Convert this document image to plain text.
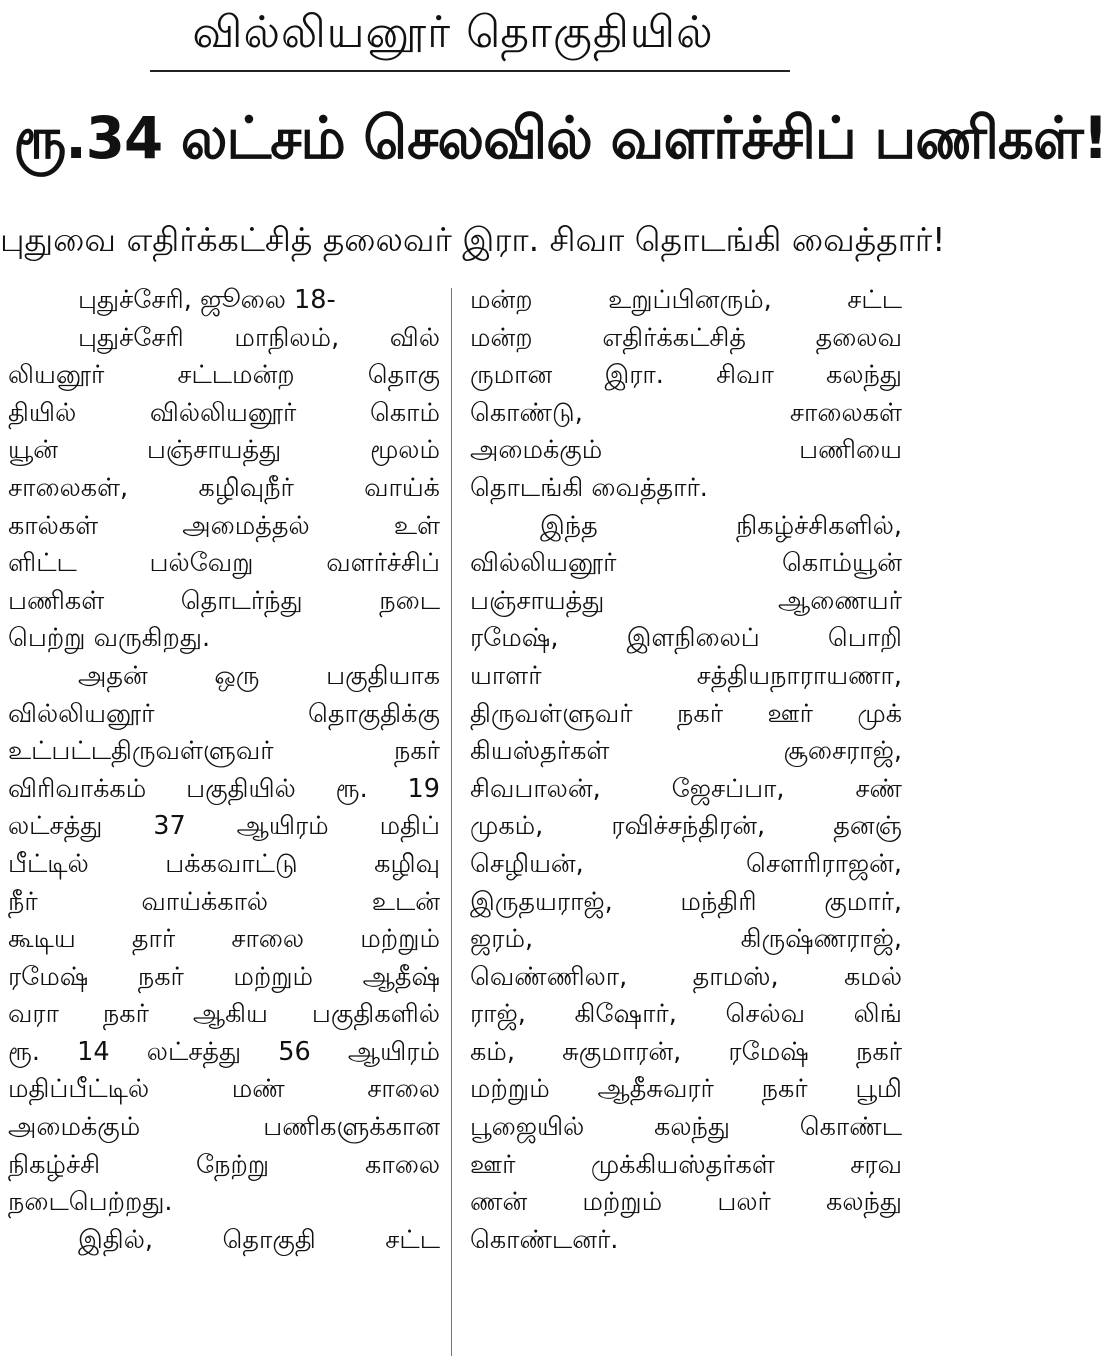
வில்லியனூர் தொகுதியில்
ரூ.34 லட்சம் செலவில் வளர்ச்சிப் பணிகள்!
புதுவை எதிர்க்கட்சித் தலைவர் இரா. சிவா தொடங்கி வைத்தார்!
புதுச்சேரி, ஜூலை 18-
புதுச்சேரி மாநிலம், வில்
லியனூர் சட்டமன்ற தொகு
தியில் வில்லியனூர் கொம்
யூன் பஞ்சாயத்து மூலம்
சாலைகள், கழிவுநீர் வாய்க்
கால்கள் அமைத்தல் உள்
ளிட்ட பல்வேறு வளர்ச்சிப்
பணிகள் தொடர்ந்து நடை
பெற்று வருகிறது.
அதன் ஒரு பகுதியாக
வில்லியனூர் தொகுதிக்கு
உட்பட்டதிருவள்ளுவர் நகர்
விரிவாக்கம் பகுதியில் ரூ. 19
லட்சத்து 37 ஆயிரம் மதிப்
பீட்டில் பக்கவாட்டு கழிவு
நீர் வாய்க்கால் உடன்
கூடிய தார் சாலை மற்றும்
ரமேஷ் நகர் மற்றும் ஆதீஷ்
வரா நகர் ஆகிய பகுதிகளில்
ரூ. 14 லட்சத்து 56 ஆயிரம்
மதிப்பீட்டில் மண் சாலை
அமைக்கும் பணிகளுக்கான
நிகழ்ச்சி நேற்று காலை
நடைபெற்றது.
இதில், தொகுதி சட்ட
மன்ற உறுப்பினரும், சட்ட
மன்ற எதிர்க்கட்சித் தலைவ
ருமான இரா. சிவா கலந்து
கொண்டு, சாலைகள்
அமைக்கும் பணியை
தொடங்கி வைத்தார்.
இந்த நிகழ்ச்சிகளில்,
வில்லியனூர் கொம்யூன்
பஞ்சாயத்து ஆணையர்
ரமேஷ், இளநிலைப் பொறி
யாளர் சத்தியநாராயணா,
திருவள்ளுவர் நகர் ஊர் முக்
கியஸ்தர்கள் சூசைராஜ்,
சிவபாலன், ஜேசப்பா, சண்
முகம், ரவிச்சந்திரன், தனஞ்
செழியன், சௌரிராஜன்,
இருதயராஜ், மந்திரி குமார்,
ஜரம், கிருஷ்ணராஜ்,
வெண்ணிலா, தாமஸ், கமல்
ராஜ், கிஷோர், செல்வ லிங்
கம், சுகுமாரன், ரமேஷ் நகர்
மற்றும் ஆதீசுவரர் நகர் பூமி
பூஜையில் கலந்து கொண்ட
ஊர் முக்கியஸ்தர்கள் சரவ
ணன் மற்றும் பலர் கலந்து
கொண்டனர்.
